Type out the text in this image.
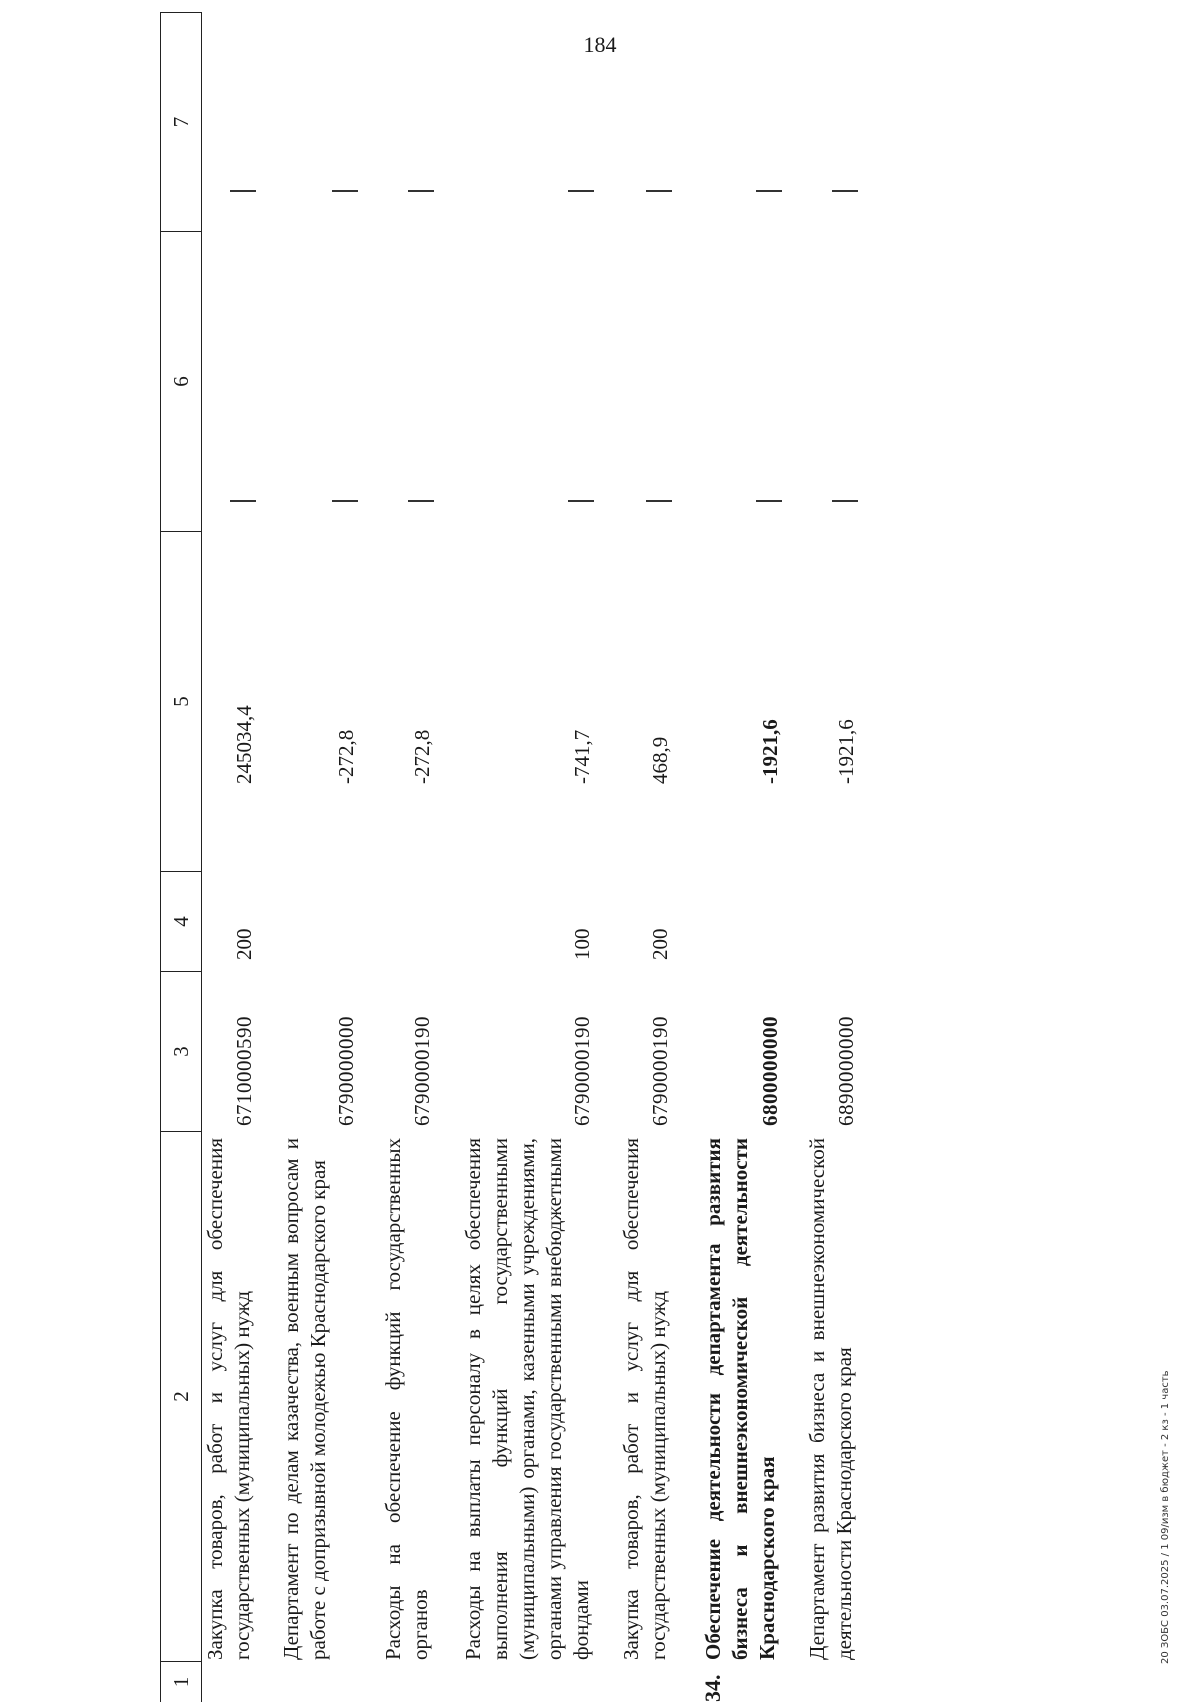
184
1
2
3
4
5
6
7
Закупка товаров, работ и услуг для обеспечения государственных (муниципальных) нужд
6710000590
200
245034,4
Департамент по делам казачества, военным вопросам и работе с допризывной молодежью Краснодарского края
6790000000
-272,8
Расходы на обеспечение функций государственных органов
6790000190
-272,8
Расходы на выплаты персоналу в целях обеспечения выполнения функций государственными (муниципальными) органами, казенными учреждениями, органами управления государственными внебюджетными фондами
6790000190
100
-741,7
Закупка товаров, работ и услуг для обеспечения государственных (муниципальных) нужд
6790000190
200
468,9
34.
Обеспечение деятельности департамента развития бизнеса и внешнеэкономической деятельности Краснодарского края
6800000000
-1921,6
Департамент развития бизнеса и внешнеэкономической деятельности Краснодарского края
6890000000
-1921,6
20 ЗОБС 03.07.2025 / 1 09/изм в бюджет - 2 кз - 1 часть
